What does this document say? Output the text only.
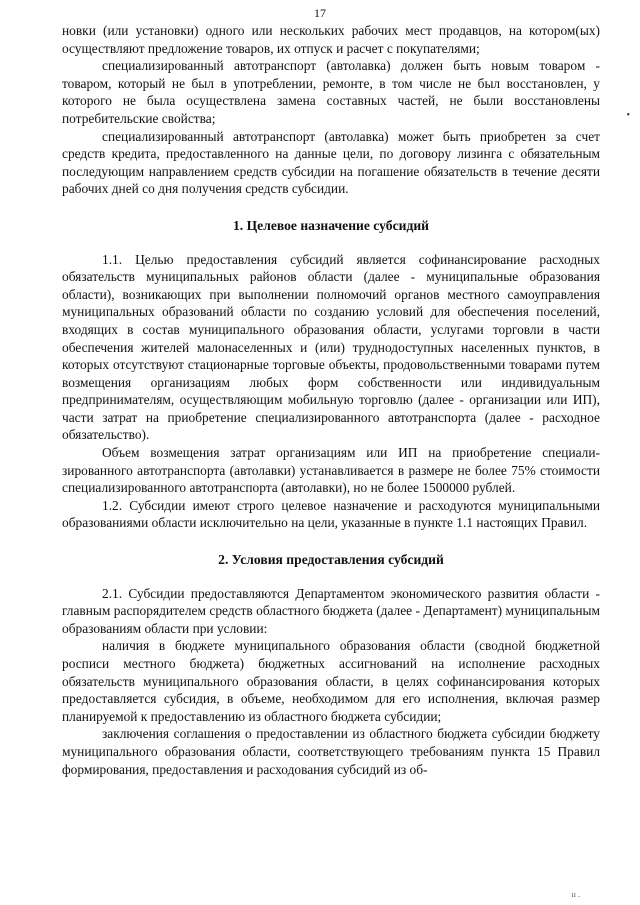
17

новки (или установки) одного или нескольких рабочих мест продавцов, на котором(ых) осуществляют предложение товаров, их отпуск и расчет с покупателями;

специализированный автотранспорт (автолавка) должен быть новым товаром - товаром, который не был в употреблении, ремонте, в том числе не был восстановлен, у которого не была осуществлена замена составных частей, не были восстановлены потребительские свойства;

специализированный автотранспорт (автолавка) может быть приобретен за счет средств кредита, предоставленного на данные цели, по договору лизинга с обязательным последующим направлением средств субсидии на погашение обязательств в течение десяти рабочих дней со дня получения средств субсидии.

1. Целевое назначение субсидий

1.1. Целью предоставления субсидий является софинансирование расходных обязательств муниципальных районов области (далее - муниципальные образования области), возникающих при выполнении полномочий органов местного самоуправления муниципальных образований области по созданию условий для обеспечения поселений, входящих в состав муниципального образования области, услугами торговли в части обеспечения жителей малонаселенных и (или) труднодоступных населенных пунктов, в которых отсутствуют стационарные торговые объекты, продовольственными товарами путем возмещения организациям любых форм собственности или индивидуальным предпринимателям, осуществляющим мобильную торговлю (далее - организации или ИП), части затрат на приобретение специализированного автотранспорта (далее - расходное обязательство).

Объем возмещения затрат организациям или ИП на приобретение специализированного автотранспорта (автолавки) устанавливается в размере не более 75% стоимости специализированного автотранспорта (автолавки), но не более 1500000 рублей.

1.2. Субсидии имеют строго целевое назначение и расходуются муниципальными образованиями области исключительно на цели, указанные в пункте 1.1 настоящих Правил.

2. Условия предоставления субсидий

2.1. Субсидии предоставляются Департаментом экономического развития области - главным распорядителем средств областного бюджета (далее - Департамент) муниципальным образованиям области при условии:

наличия в бюджете муниципального образования области (сводной бюджетной росписи местного бюджета) бюджетных ассигнований на исполнение расходных обязательств муниципального образования области, в целях софинансирования которых предоставляется субсидия, в объеме, необходимом для его исполнения, включая размер планируемой к предоставлению из областного бюджета субсидии;

заключения соглашения о предоставлении из областного бюджета субсидии бюджету муниципального образования области, соответствующего требованиям пункта 15 Правил формирования, предоставления и расходования субсидий из об-

•
ıı .
